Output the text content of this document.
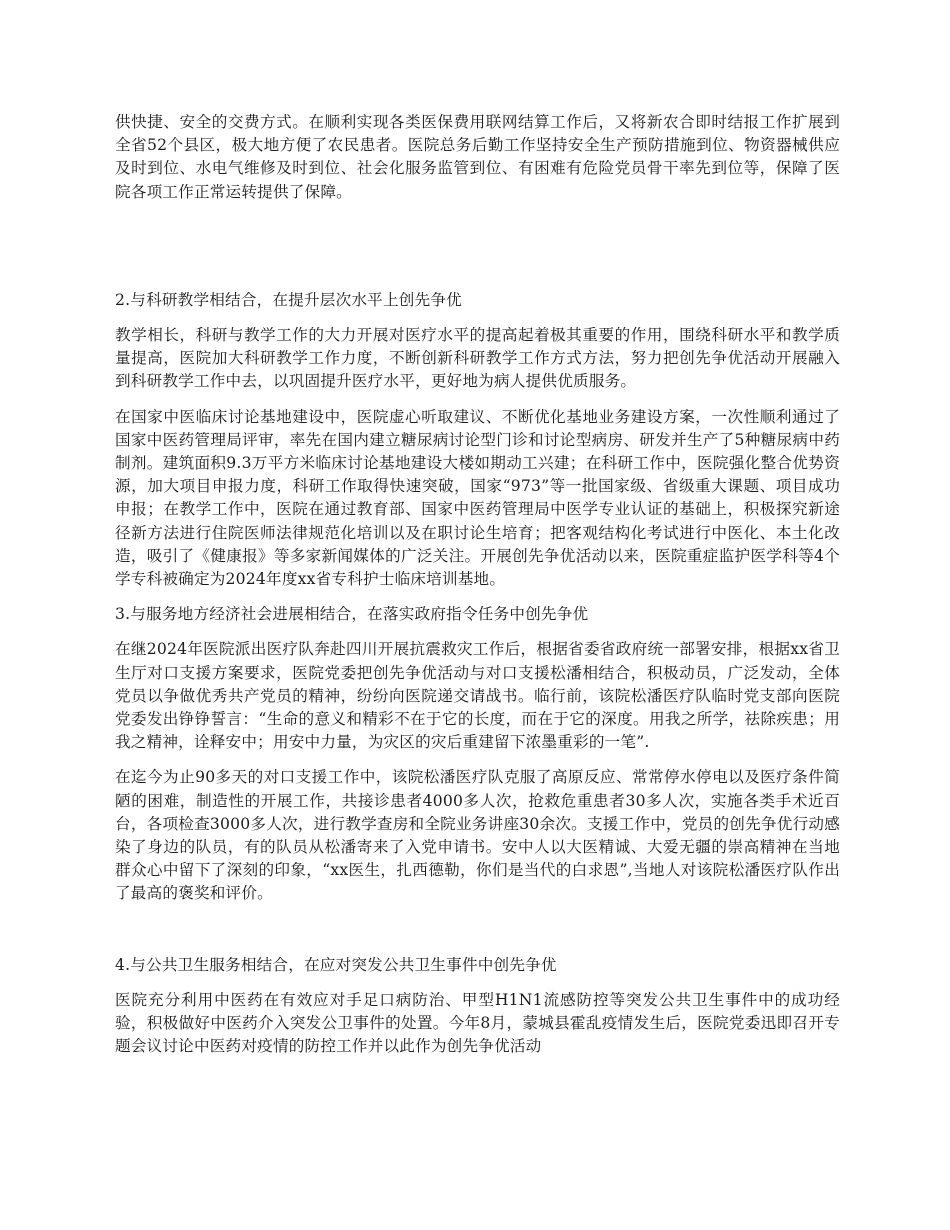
供快捷、安全的交费方式。在顺利实现各类医保费用联网结算工作后，又将新农合即时结报工作扩展到全省52个县区，极大地方便了农民患者。医院总务后勤工作坚持安全生产预防措施到位、物资器械供应及时到位、水电气维修及时到位、社会化服务监管到位、有困难有危险党员骨干率先到位等，保障了医院各项工作正常运转提供了保障。

2.与科研教学相结合，在提升层次水平上创先争优

教学相长，科研与教学工作的大力开展对医疗水平的提高起着极其重要的作用，围绕科研水平和教学质量提高，医院加大科研教学工作力度，不断创新科研教学工作方式方法，努力把创先争优活动开展融入到科研教学工作中去，以巩固提升医疗水平，更好地为病人提供优质服务。

在国家中医临床讨论基地建设中，医院虚心听取建议、不断优化基地业务建设方案，一次性顺利通过了国家中医药管理局评审，率先在国内建立糖尿病讨论型门诊和讨论型病房、研发并生产了5种糖尿病中药制剂。建筑面积9.3万平方米临床讨论基地建设大楼如期动工兴建；在科研工作中，医院强化整合优势资源，加大项目申报力度，科研工作取得快速突破，国家“973”等一批国家级、省级重大课题、项目成功申报；在教学工作中，医院在通过教育部、国家中医药管理局中医学专业认证的基础上，积极探究新途径新方法进行住院医师法律规范化培训以及在职讨论生培育；把客观结构化考试进行中医化、本土化改造，吸引了《健康报》等多家新闻媒体的广泛关注。开展创先争优活动以来，医院重症监护医学科等4个学专科被确定为2024年度xx省专科护士临床培训基地。

3.与服务地方经济社会进展相结合，在落实政府指令任务中创先争优

在继2024年医院派出医疗队奔赴四川开展抗震救灾工作后，根据省委省政府统一部署安排，根据xx省卫生厅对口支援方案要求，医院党委把创先争优活动与对口支援松潘相结合，积极动员，广泛发动，全体党员以争做优秀共产党员的精神，纷纷向医院递交请战书。临行前，该院松潘医疗队临时党支部向医院党委发出铮铮誓言：“生命的意义和精彩不在于它的长度，而在于它的深度。用我之所学，祛除疾患；用我之精神，诠释安中；用安中力量，为灾区的灾后重建留下浓墨重彩的一笔”.

在迄今为止90多天的对口支援工作中，该院松潘医疗队克服了高原反应、常常停水停电以及医疗条件简陋的困难，制造性的开展工作，共接诊患者4000多人次，抢救危重患者30多人次，实施各类手术近百台，各项检查3000多人次，进行教学查房和全院业务讲座30余次。支援工作中，党员的创先争优行动感染了身边的队员，有的队员从松潘寄来了入党申请书。安中人以大医精诚、大爱无疆的崇高精神在当地群众心中留下了深刻的印象，“xx医生，扎西德勒，你们是当代的白求恩”,当地人对该院松潘医疗队作出了最高的褒奖和评价。

4.与公共卫生服务相结合，在应对突发公共卫生事件中创先争优

医院充分利用中医药在有效应对手足口病防治、甲型H1N1流感防控等突发公共卫生事件中的成功经验，积极做好中医药介入突发公卫事件的处置。今年8月，蒙城县霍乱疫情发生后，医院党委迅即召开专题会议讨论中医药对疫情的防控工作并以此作为创先争优活动
